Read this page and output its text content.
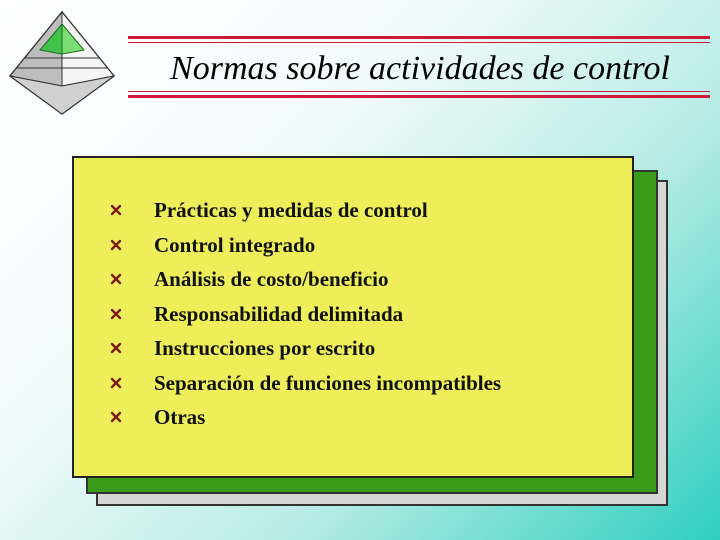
Normas sobre actividades de control
Prácticas y medidas de control
Control integrado
Análisis de costo/beneficio
Responsabilidad delimitada
Instrucciones por escrito
Separación de funciones incompatibles
Otras
